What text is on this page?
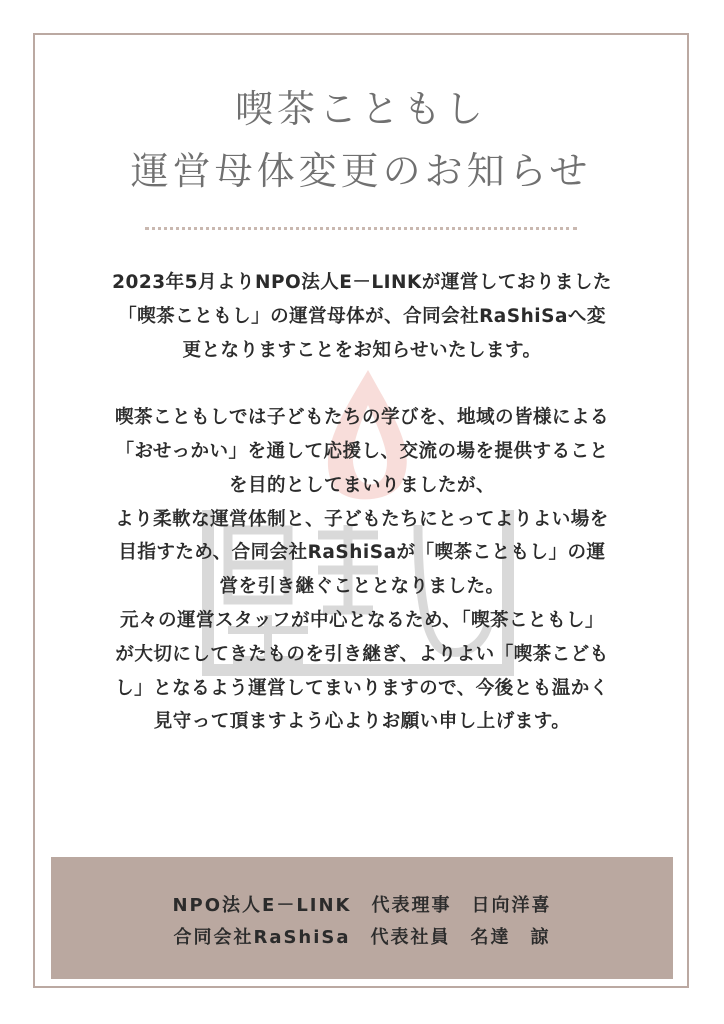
喫茶こともし
運営母体変更のお知らせ

2023年5月よりNPO法人E－LINKが運営しておりました

「喫茶こともし」の運営母体が、合同会社RaShiSaへ変

更となりますことをお知らせいたします。

喫茶こともしでは子どもたちの学びを、地域の皆様による

「おせっかい」を通して応援し、交流の場を提供すること

を目的としてまいりましたが、

より柔軟な運営体制と、子どもたちにとってよりよい場を

目指すため、合同会社RaShiSaが「喫茶こともし」の運

営を引き継ぐこととなりました。

元々の運営スタッフが中心となるため、「喫茶こともし」

が大切にしてきたものを引き継ぎ、よりよい「喫茶こども

し」となるよう運営してまいりますので、今後とも温かく

見守って頂ますよう心よりお願い申し上げます。

NPO法人E－LINK　代表理事　日向洋喜
合同会社RaShiSa　代表社員　名達　諒
